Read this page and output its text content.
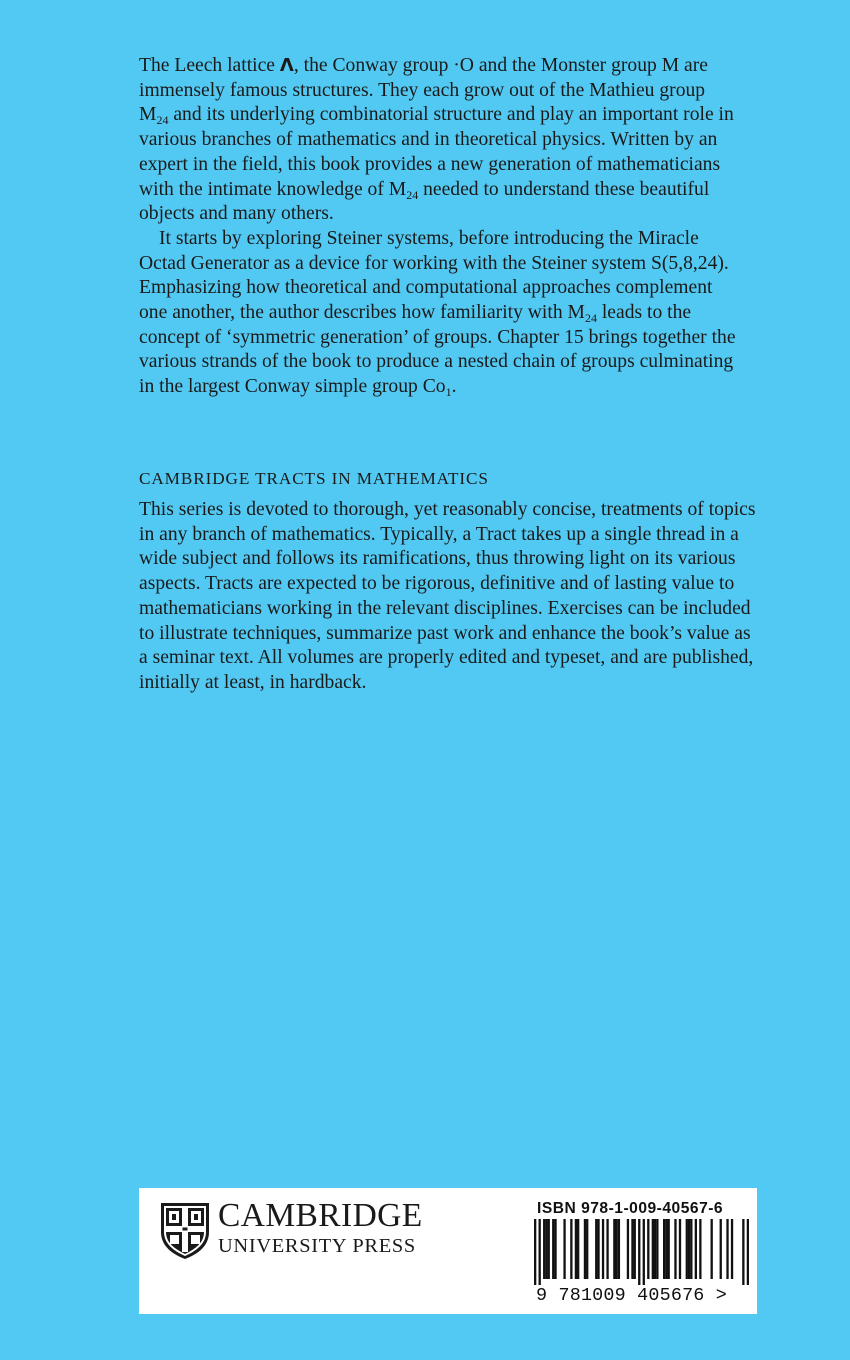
The Leech lattice Λ, the Conway group ·O and the Monster group M are immensely famous structures. They each grow out of the Mathieu group $M_{24}$ and its underlying combinatorial structure and play an important role in various branches of mathematics and in theoretical physics. Written by an expert in the field, this book provides a new generation of mathematicians with the intimate knowledge of $M_{24}$ needed to understand these beautiful objects and many others.

It starts by exploring Steiner systems, before introducing the Miracle Octad Generator as a device for working with the Steiner system S(5,8,24). Emphasizing how theoretical and computational approaches complement one another, the author describes how familiarity with $M_{24}$ leads to the concept of ‘symmetric generation’ of groups. Chapter 15 brings together the various strands of the book to produce a nested chain of groups culminating in the largest Conway simple group $Co_1$.

CAMBRIDGE TRACTS IN MATHEMATICS

This series is devoted to thorough, yet reasonably concise, treatments of topics in any branch of mathematics. Typically, a Tract takes up a single thread in a wide subject and follows its ramifications, thus throwing light on its various aspects. Tracts are expected to be rigorous, definitive and of lasting value to mathematicians working in the relevant disciplines. Exercises can be included to illustrate techniques, summarize past work and enhance the book’s value as a seminar text. All volumes are properly edited and typeset, and are published, initially at least, in hardback.

CAMBRIDGE
UNIVERSITY PRESS
ISBN 978-1-009-40567-6
9 781009 405676 >
